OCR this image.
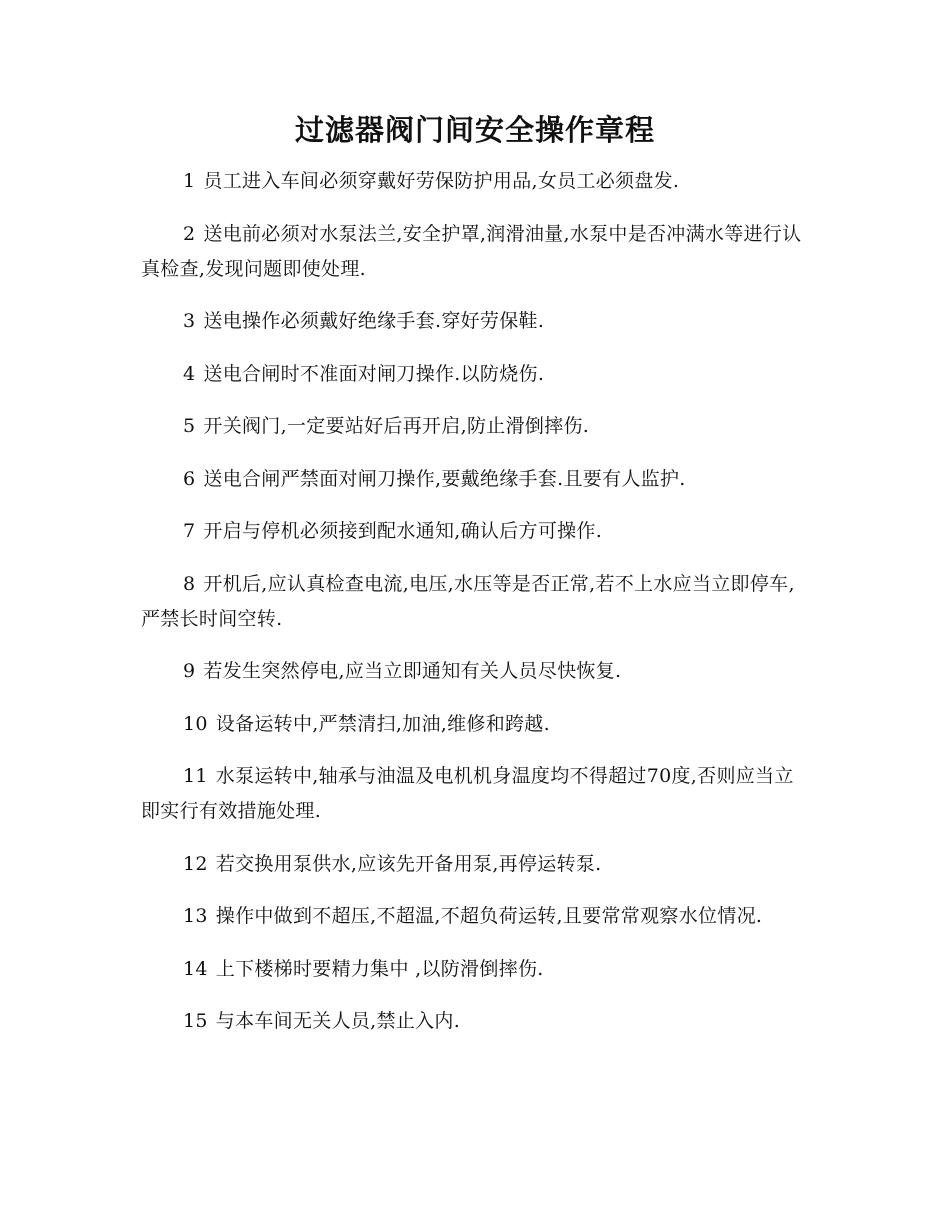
过滤器阀门间安全操作章程

1 员工进入车间必须穿戴好劳保防护用品,女员工必须盘发.

2 送电前必须对水泵法兰,安全护罩,润滑油量,水泵中是否冲满水等进行认真检查,发现问题即使处理.

3 送电操作必须戴好绝缘手套.穿好劳保鞋.

4 送电合闸时不准面对闸刀操作.以防烧伤.

5 开关阀门,一定要站好后再开启,防止滑倒摔伤.

6 送电合闸严禁面对闸刀操作,要戴绝缘手套.且要有人监护.

7 开启与停机必须接到配水通知,确认后方可操作.

8 开机后,应认真检查电流,电压,水压等是否正常,若不上水应当立即停车,严禁长时间空转.

9 若发生突然停电,应当立即通知有关人员尽快恢复.

10 设备运转中,严禁清扫,加油,维修和跨越.

11 水泵运转中,轴承与油温及电机机身温度均不得超过70度,否则应当立即实行有效措施处理.

12 若交换用泵供水,应该先开备用泵,再停运转泵.

13 操作中做到不超压,不超温,不超负荷运转,且要常常观察水位情况.

14 上下楼梯时要精力集中 ,以防滑倒摔伤.

15 与本车间无关人员,禁止入内.
